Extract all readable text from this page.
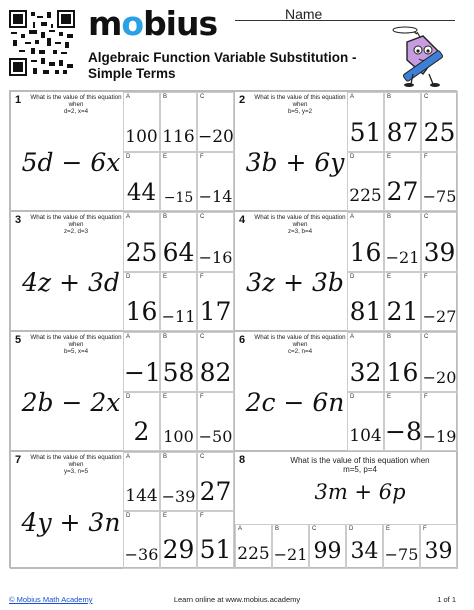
mobius	Name
Algebraic Function Variable Substitution - Simple Terms
1 What is the value of this equation when
d=2, x=4
5d − 6x
A
100
B
116
C
−20
D
44
E
−15
F
−14
2 What is the value of this equation when
b=5, y=2
3b + 6y
A
51
B
87
C
25
D
225
E
27
F
−75
3 What is the value of this equation when
z=2, d=3
4z + 3d
A
25
B
64
C
−16
D
16
E
−11
F
17
4 What is the value of this equation when
z=3, b=4
3z + 3b
A
16
B
−21
C
39
D
81
E
21
F
−27
5 What is the value of this equation when
b=5, x=4
2b − 2x
A
−1
B
58
C
82
D
2
E
100
F
−50
6 What is the value of this equation when
c=2, n=4
2c − 6n
A
32
B
16
C
−20
D
104
E
−8
F
−19
7 What is the value of this equation when
y=3, n=5
4y + 3n
A
144
B
−39
C
27
D
−36
E
29
F
51
8	What is the value of this equation when
m=5, p=4
3m + 6p
A
225
B
−21
C
99
D
34
E
−75
F
39
© Mobius Math Academy	Learn online at www.mobius.academy	1 of 1
